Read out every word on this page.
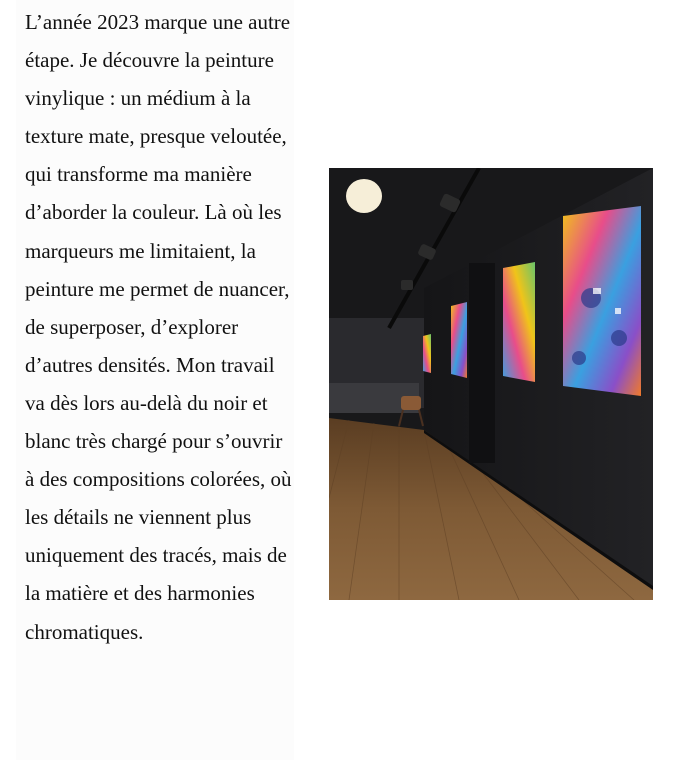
L’année 2023 marque une autre étape. Je découvre la peinture vinylique : un médium à la texture mate, presque veloutée, qui transforme ma manière d’aborder la couleur. Là où les marqueurs me limitaient, la peinture me permet de nuancer, de superposer, d’explorer d’autres densités. Mon travail va dès lors au-delà du noir et blanc très chargé pour s’ouvrir à des compositions colorées, où les détails ne viennent plus uniquement des tracés, mais de la matière et des harmonies chromatiques.
